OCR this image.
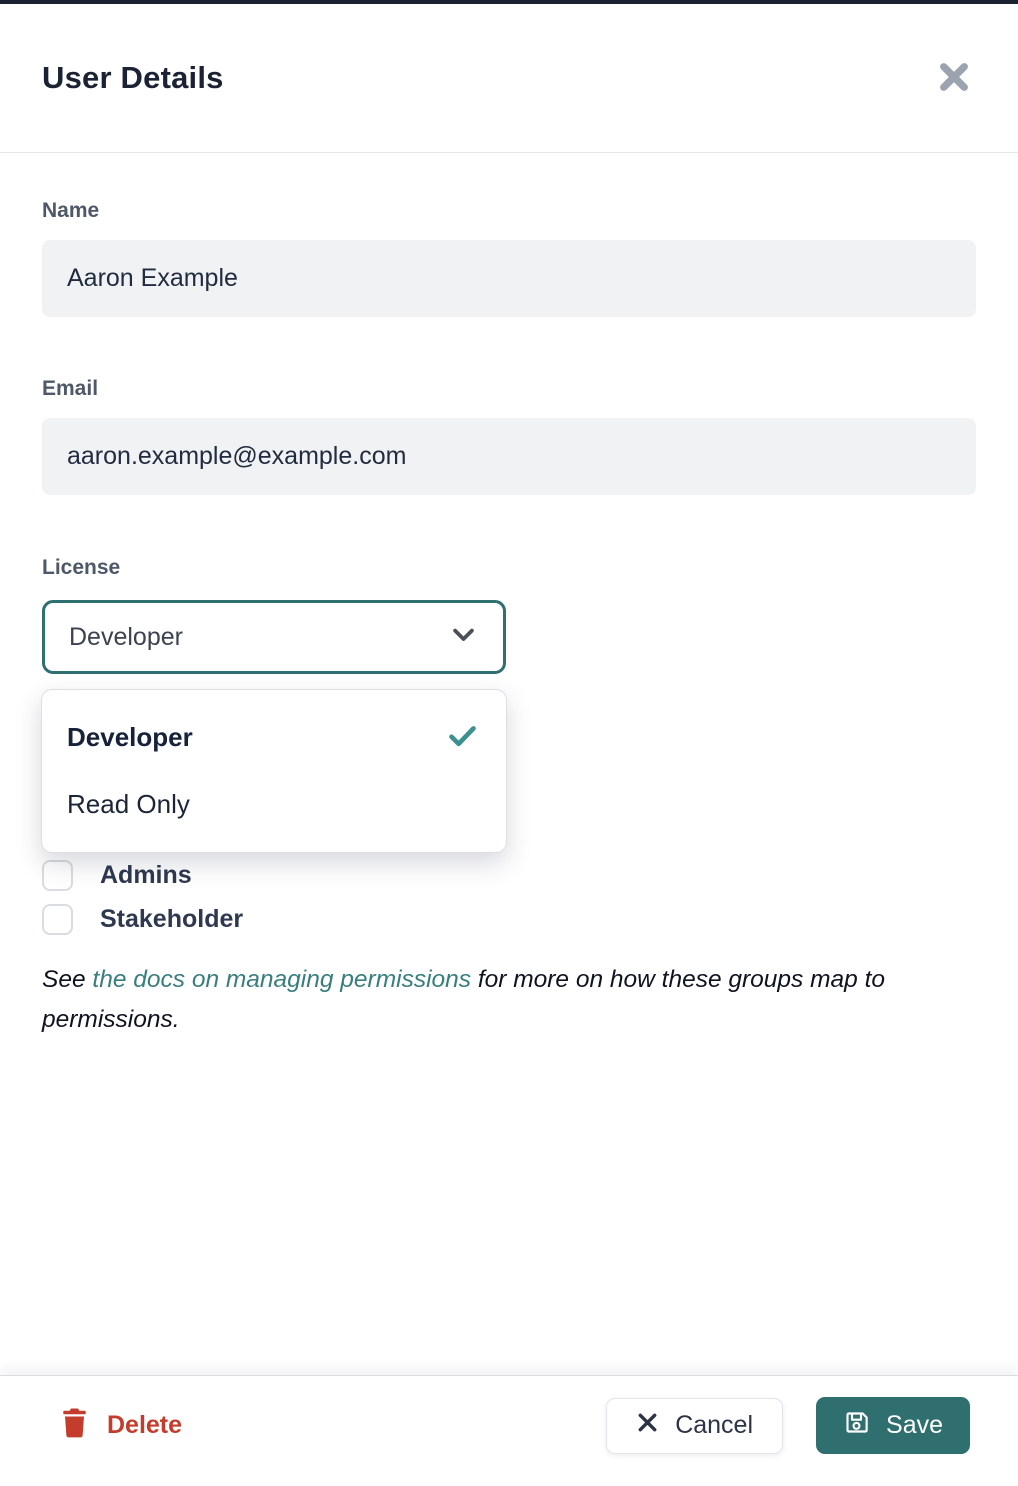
User Details
Name
Aaron Example
Email
aaron.example@example.com
License
Developer
Developer
Read Only
Admins
Stakeholder

See the docs on managing permissions for more on how these groups map to permissions.

Delete	Cancel	Save
